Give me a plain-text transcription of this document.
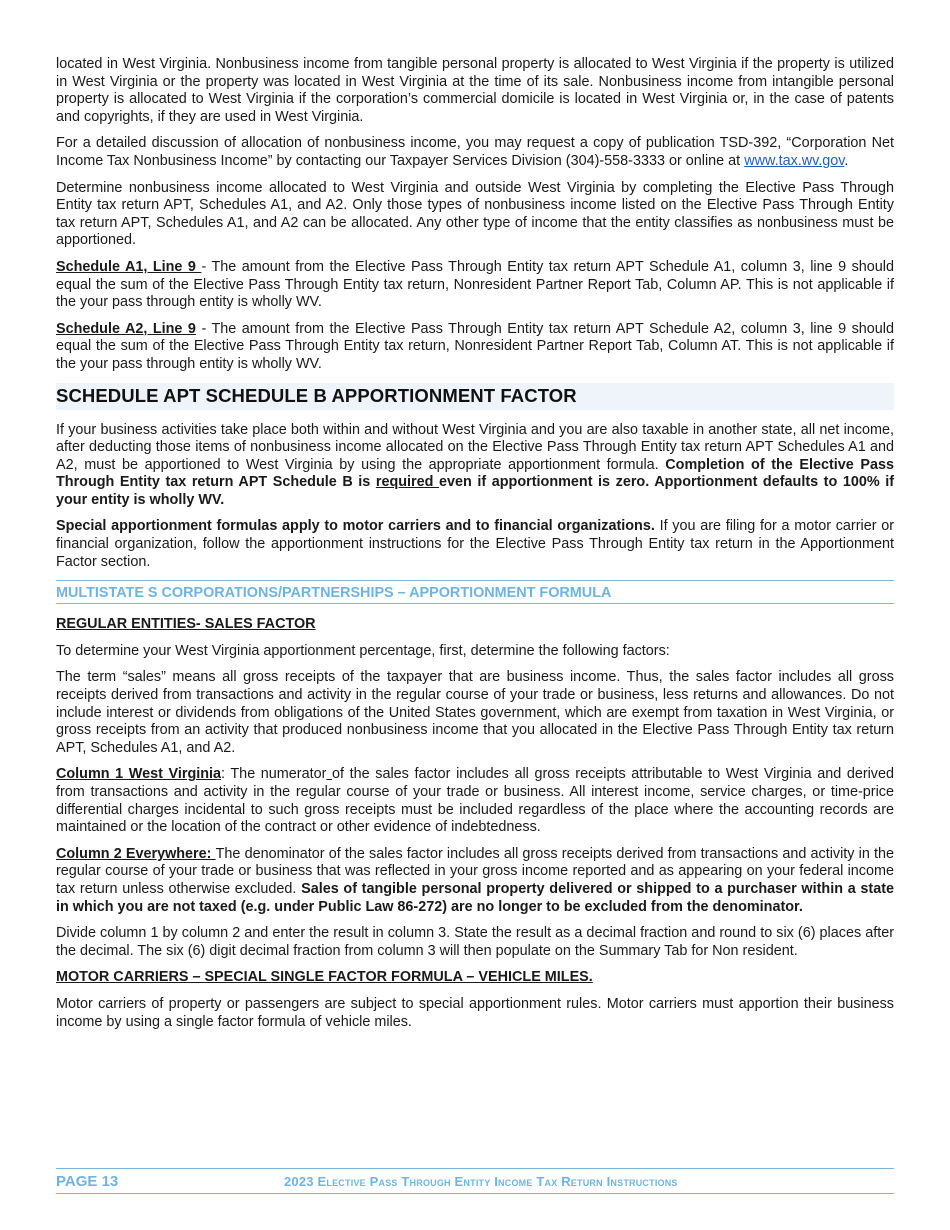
located in West Virginia. Nonbusiness income from tangible personal property is allocated to West Virginia if the property is utilized in West Virginia or the property was located in West Virginia at the time of its sale. Nonbusiness income from intangible personal property is allocated to West Virginia if the corporation’s commercial domicile is located in West Virginia or, in the case of patents and copyrights, if they are used in West Virginia.

For a detailed discussion of allocation of nonbusiness income, you may request a copy of publication TSD-392, “Corporation Net Income Tax Nonbusiness Income” by contacting our Taxpayer Services Division (304)-558-3333 or online at www.tax.wv.gov.

Determine nonbusiness income allocated to West Virginia and outside West Virginia by completing the Elective Pass Through Entity tax return APT, Schedules A1, and A2. Only those types of nonbusiness income listed on the Elective Pass Through Entity tax return APT, Schedules A1, and A2 can be allocated. Any other type of income that the entity classifies as nonbusiness must be apportioned.

Schedule A1, Line 9 - The amount from the Elective Pass Through Entity tax return APT Schedule A1, column 3, line 9 should equal the sum of the Elective Pass Through Entity tax return, Nonresident Partner Report Tab, Column AP. This is not applicable if the your pass through entity is wholly WV.

Schedule A2, Line 9 - The amount from the Elective Pass Through Entity tax return APT Schedule A2, column 3, line 9 should equal the sum of the Elective Pass Through Entity tax return, Nonresident Partner Report Tab, Column AT. This is not applicable if the your pass through entity is wholly WV.

SCHEDULE APT SCHEDULE B APPORTIONMENT FACTOR

If your business activities take place both within and without West Virginia and you are also taxable in another state, all net income, after deducting those items of nonbusiness income allocated on the Elective Pass Through Entity tax return APT Schedules A1 and A2, must be apportioned to West Virginia by using the appropriate apportionment formula. Completion of the Elective Pass Through Entity tax return APT Schedule B is required even if apportionment is zero. Apportionment defaults to 100% if your entity is wholly WV.

Special apportionment formulas apply to motor carriers and to financial organizations. If you are filing for a motor carrier or financial organization, follow the apportionment instructions for the Elective Pass Through Entity tax return in the Apportionment Factor section.

MULTISTATE S CORPORATIONS/PARTNERSHIPS – APPORTIONMENT FORMULA

REGULAR ENTITIES- SALES FACTOR

To determine your West Virginia apportionment percentage, first, determine the following factors:

The term “sales” means all gross receipts of the taxpayer that are business income. Thus, the sales factor includes all gross receipts derived from transactions and activity in the regular course of your trade or business, less returns and allowances. Do not include interest or dividends from obligations of the United States government, which are exempt from taxation in West Virginia, or gross receipts from an activity that produced nonbusiness income that you allocated in the Elective Pass Through Entity tax return APT, Schedules A1, and A2.

Column 1 West Virginia: The numerator of the sales factor includes all gross receipts attributable to West Virginia and derived from transactions and activity in the regular course of your trade or business. All interest income, service charges, or time-price differential charges incidental to such gross receipts must be included regardless of the place where the accounting records are maintained or the location of the contract or other evidence of indebtedness.

Column 2 Everywhere: The denominator of the sales factor includes all gross receipts derived from transactions and activity in the regular course of your trade or business that was reflected in your gross income reported and as appearing on your federal income tax return unless otherwise excluded. Sales of tangible personal property delivered or shipped to a purchaser within a state in which you are not taxed (e.g. under Public Law 86-272) are no longer to be excluded from the denominator.

Divide column 1 by column 2 and enter the result in column 3. State the result as a decimal fraction and round to six (6) places after the decimal. The six (6) digit decimal fraction from column 3 will then populate on the Summary Tab for Non resident.

MOTOR CARRIERS – SPECIAL SINGLE FACTOR FORMULA – VEHICLE MILES.

Motor carriers of property or passengers are subject to special apportionment rules. Motor carriers must apportion their business income by using a single factor formula of vehicle miles.

PAGE 13	2023 Elective Pass Through Entity Income Tax Return Instructions
